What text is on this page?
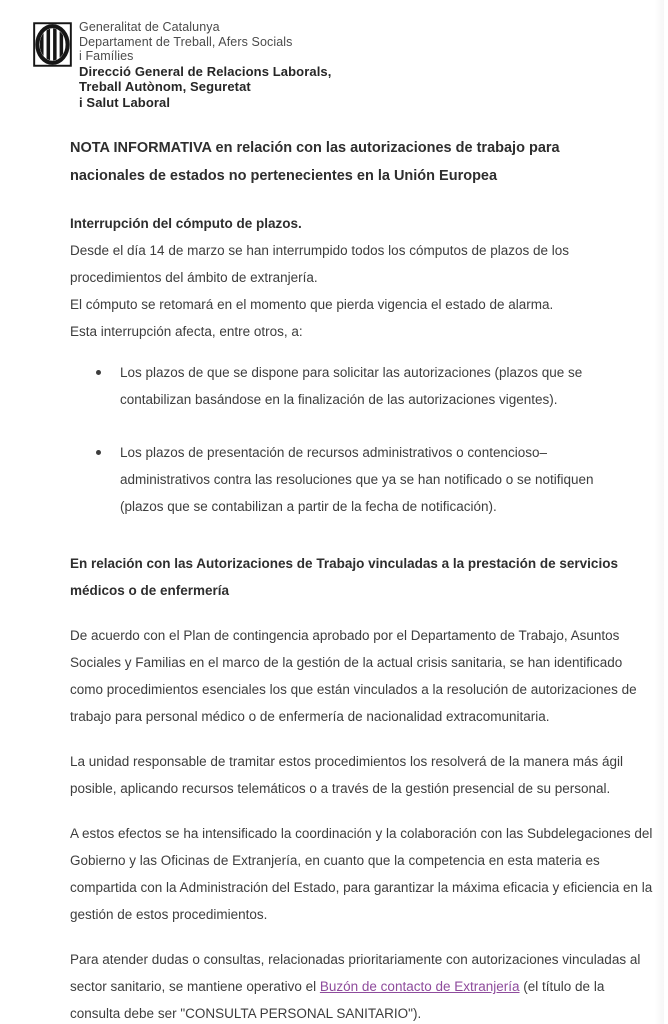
Generalitat de Catalunya
Departament de Treball, Afers Socials
i Famílies
Direcció General de Relacions Laborals,
Treball Autònom, Seguretat
i Salut Laboral
NOTA INFORMATIVA en relación con las autorizaciones de trabajo para nacionales de estados no pertenecientes en la Unión Europea
Interrupción del cómputo de plazos.

Desde el día 14 de marzo se han interrumpido todos los cómputos de plazos de los procedimientos del ámbito de extranjería.

El cómputo se retomará en el momento que pierda vigencia el estado de alarma.

Esta interrupción afecta, entre otros, a:

Los plazos de que se dispone para solicitar las autorizaciones (plazos que se contabilizan basándose en la finalización de las autorizaciones vigentes).
Los plazos de presentación de recursos administrativos o contencioso–administrativos contra las resoluciones que ya se han notificado o se notifiquen (plazos que se contabilizan a partir de la fecha de notificación).
En relación con las Autorizaciones de Trabajo vinculadas a la prestación de servicios médicos o de enfermería

De acuerdo con el Plan de contingencia aprobado por el Departamento de Trabajo, Asuntos Sociales y Familias en el marco de la gestión de la actual crisis sanitaria, se han identificado como procedimientos esenciales los que están vinculados a la resolución de autorizaciones de trabajo para personal médico o de enfermería de nacionalidad extracomunitaria.

La unidad responsable de tramitar estos procedimientos los resolverá de la manera más ágil posible, aplicando recursos telemáticos o a través de la gestión presencial de su personal.

A estos efectos se ha intensificado la coordinación y la colaboración con las Subdelegaciones del Gobierno y las Oficinas de Extranjería, en cuanto que la competencia en esta materia es compartida con la Administración del Estado, para garantizar la máxima eficacia y eficiencia en la gestión de estos procedimientos.

Para atender dudas o consultas, relacionadas prioritariamente con autorizaciones vinculadas al sector sanitario, se mantiene operativo el Buzón de contacto de Extranjería (el título de la consulta debe ser "CONSULTA PERSONAL SANITARIO").
